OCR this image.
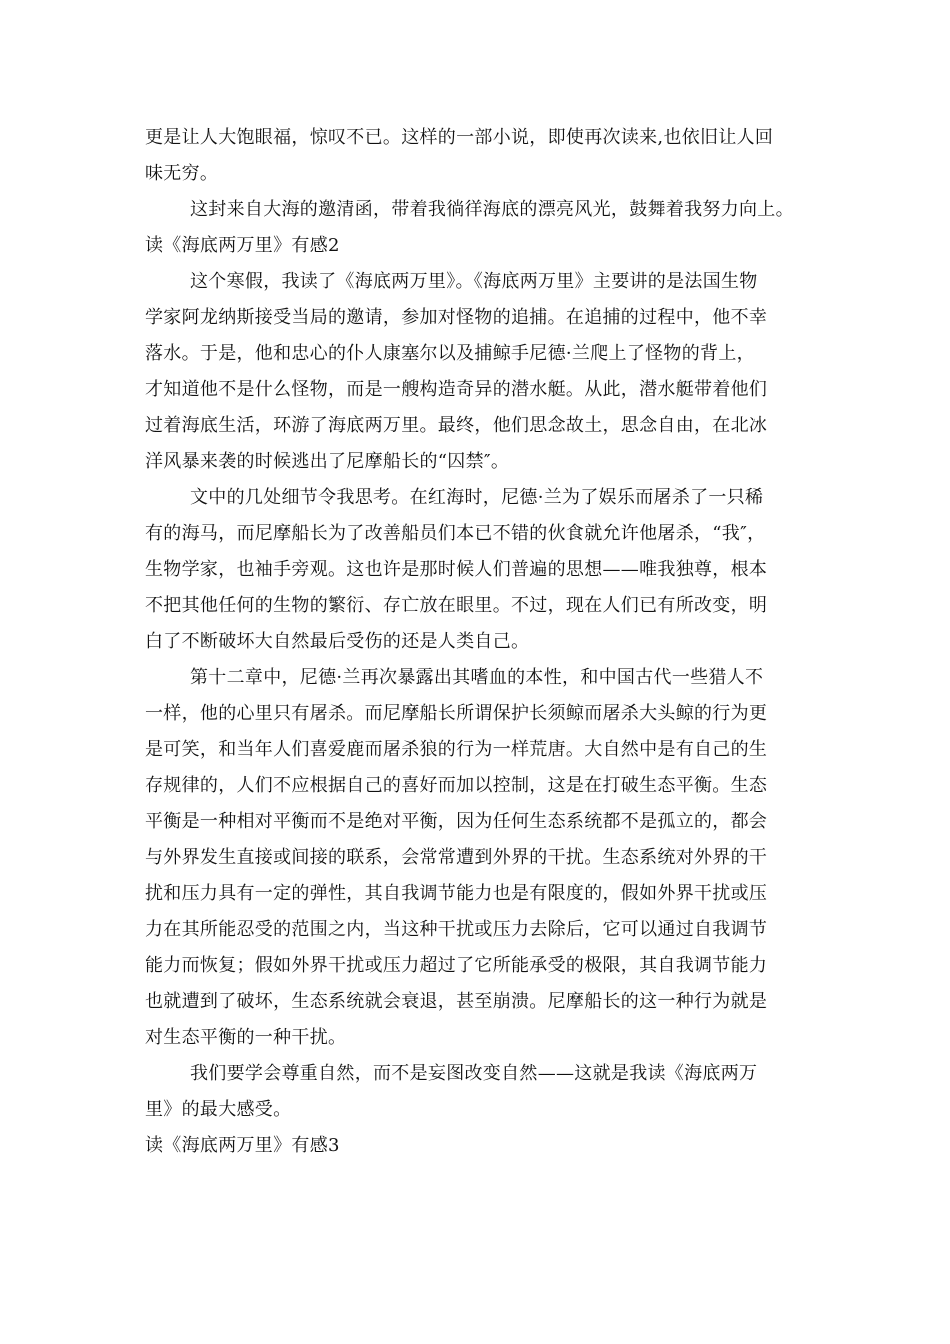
更是让人大饱眼福，惊叹不已。这样的一部小说，即使再次读来,也依旧让人回
味无穷。
这封来自大海的邀清函，带着我徜徉海底的漂亮风光，鼓舞着我努力向上。
读《海底两万里》有感2
这个寒假，我读了《海底两万里》。《海底两万里》主要讲的是法国生物
学家阿龙纳斯接受当局的邀请，参加对怪物的追捕。在追捕的过程中，他不幸
落水。于是，他和忠心的仆人康塞尔以及捕鲸手尼德·兰爬上了怪物的背上，
才知道他不是什么怪物，而是一艘构造奇异的潜水艇。从此，潜水艇带着他们
过着海底生活，环游了海底两万里。最终，他们思念故土，思念自由，在北冰
洋风暴来袭的时候逃出了尼摩船长的“囚禁″。
文中的几处细节令我思考。在红海时，尼德·兰为了娱乐而屠杀了一只稀
有的海马，而尼摩船长为了改善船员们本已不错的伙食就允许他屠杀，“我″，
生物学家，也袖手旁观。这也许是那时候人们普遍的思想——唯我独尊，根本
不把其他任何的生物的繁衍、存亡放在眼里。不过，现在人们已有所改变，明
白了不断破坏大自然最后受伤的还是人类自己。
第十二章中，尼德·兰再次暴露出其嗜血的本性，和中国古代一些猎人不
一样，他的心里只有屠杀。而尼摩船长所谓保护长须鲸而屠杀大头鲸的行为更
是可笑，和当年人们喜爱鹿而屠杀狼的行为一样荒唐。大自然中是有自己的生
存规律的，人们不应根据自己的喜好而加以控制，这是在打破生态平衡。生态
平衡是一种相对平衡而不是绝对平衡，因为任何生态系统都不是孤立的，都会
与外界发生直接或间接的联系，会常常遭到外界的干扰。生态系统对外界的干
扰和压力具有一定的弹性，其自我调节能力也是有限度的，假如外界干扰或压
力在其所能忍受的范围之内，当这种干扰或压力去除后，它可以通过自我调节
能力而恢复；假如外界干扰或压力超过了它所能承受的极限，其自我调节能力
也就遭到了破坏，生态系统就会衰退，甚至崩溃。尼摩船长的这一种行为就是
对生态平衡的一种干扰。
我们要学会尊重自然，而不是妄图改变自然——这就是我读《海底两万
里》的最大感受。
读《海底两万里》有感3
